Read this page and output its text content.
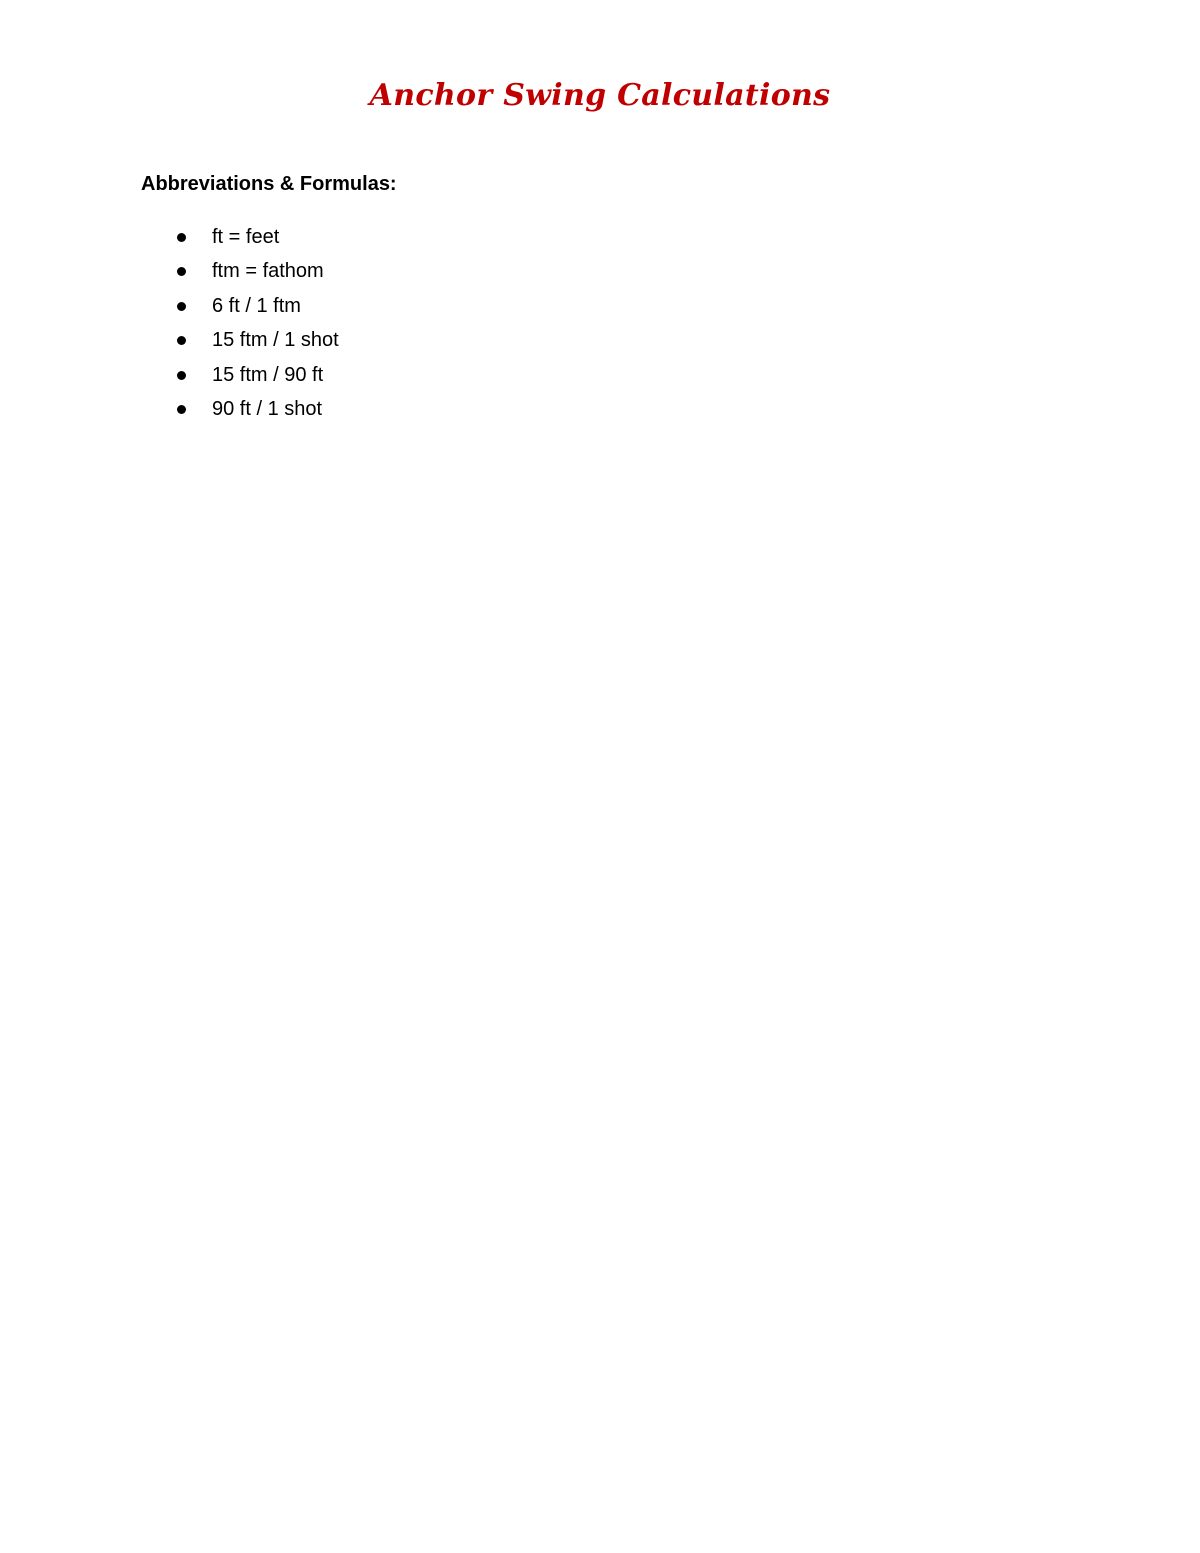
Anchor Swing Calculations

Abbreviations & Formulas:

ft = feet
ftm = fathom
6 ft / 1 ftm
15 ftm / 1 shot
15 ftm / 90 ft
90 ft / 1 shot
